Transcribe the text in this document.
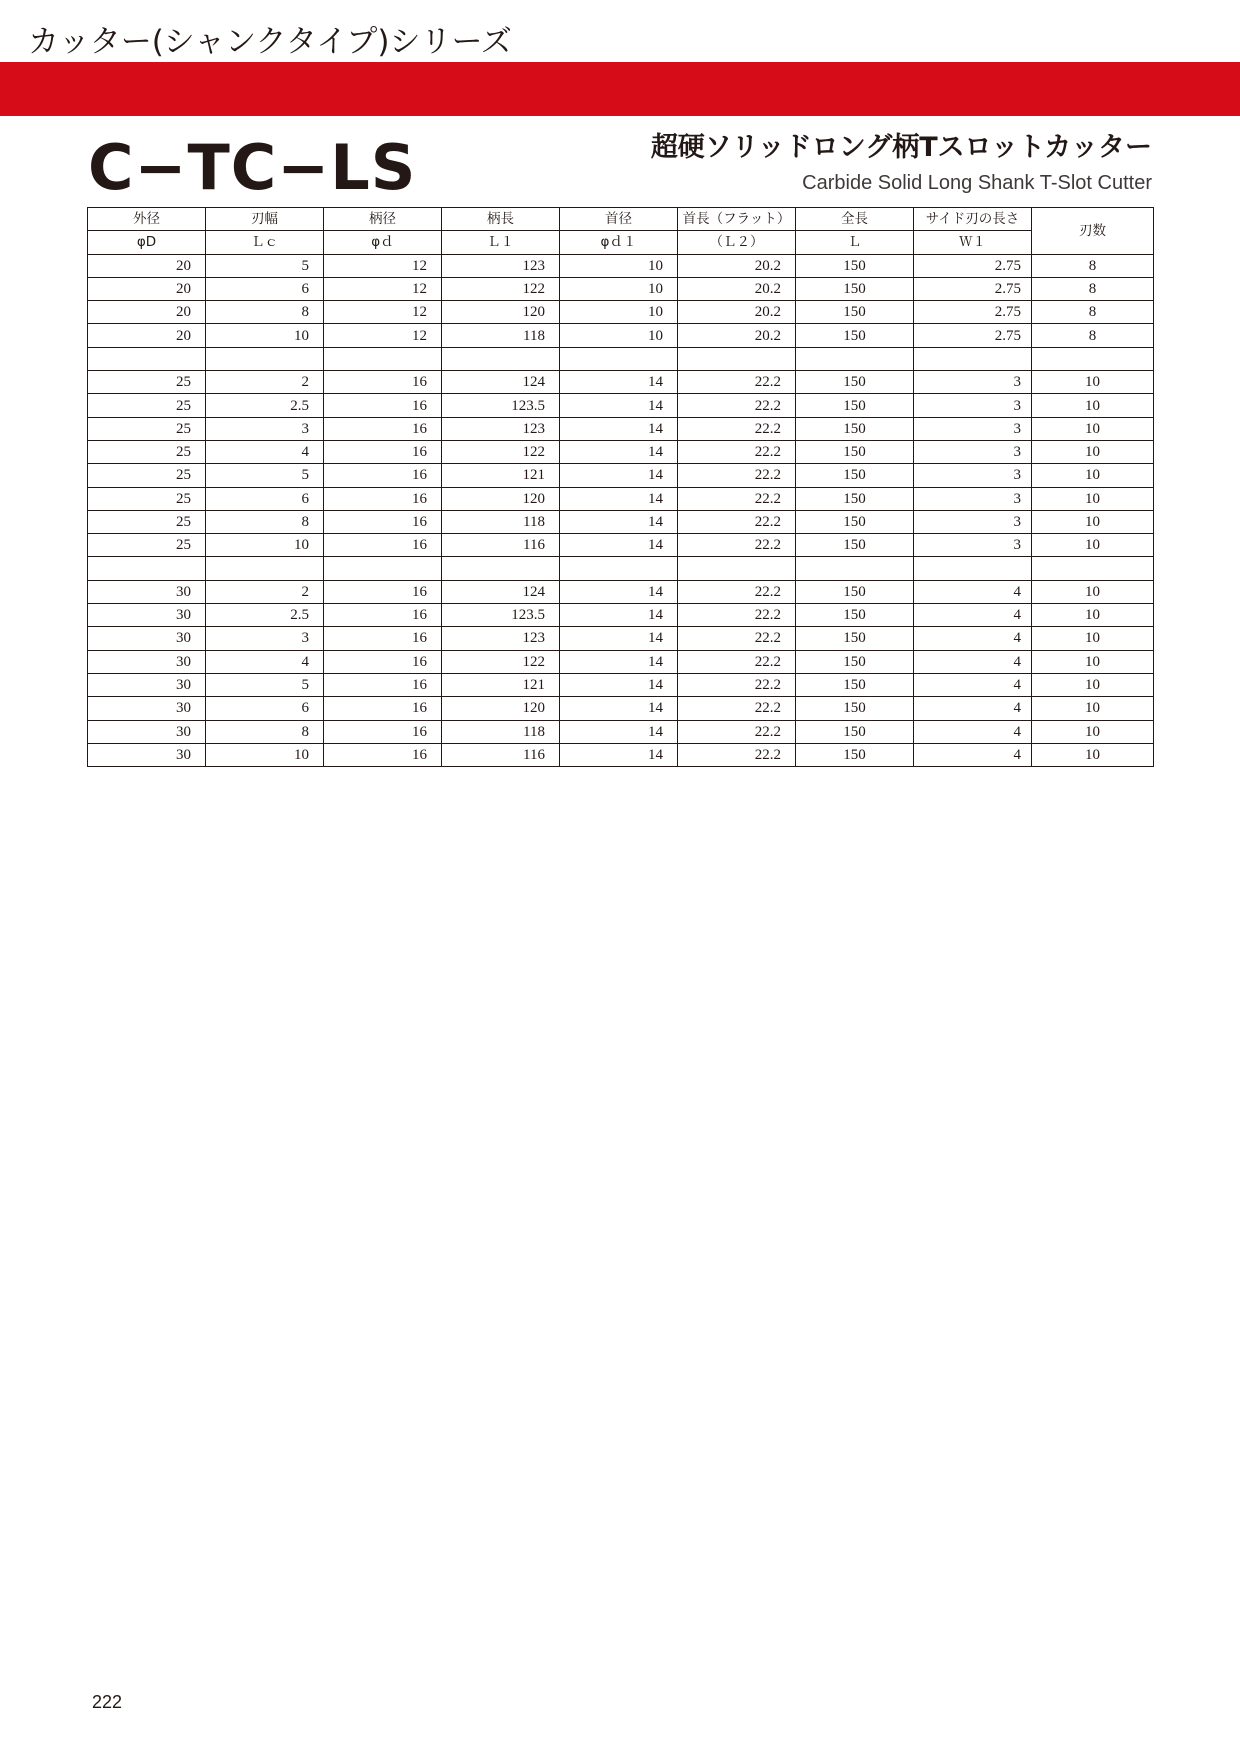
カッター(シャンクタイプ)シリーズ
C−TC−LS	超硬ソリッドロング柄Tスロットカッター
Carbide Solid Long Shank T-Slot Cutter
外径	刃幅	柄径	柄長	首径	首長（フラット）	全長	サイド刃の長さ	刃数
φD	Ｌｃ	φｄ	Ｌ１	φｄ１	（Ｌ２）	Ｌ	Ｗ１	
20	5	12	123	10	20.2	150	2.75	8
20	6	12	122	10	20.2	150	2.75	8
20	8	12	120	10	20.2	150	2.75	8
20	10	12	118	10	20.2	150	2.75	8

25	2	16	124	14	22.2	150	3	10
25	2.5	16	123.5	14	22.2	150	3	10
25	3	16	123	14	22.2	150	3	10
25	4	16	122	14	22.2	150	3	10
25	5	16	121	14	22.2	150	3	10
25	6	16	120	14	22.2	150	3	10
25	8	16	118	14	22.2	150	3	10
25	10	16	116	14	22.2	150	3	10

30	2	16	124	14	22.2	150	4	10
30	2.5	16	123.5	14	22.2	150	4	10
30	3	16	123	14	22.2	150	4	10
30	4	16	122	14	22.2	150	4	10
30	5	16	121	14	22.2	150	4	10
30	6	16	120	14	22.2	150	4	10
30	8	16	118	14	22.2	150	4	10
30	10	16	116	14	22.2	150	4	10
222
